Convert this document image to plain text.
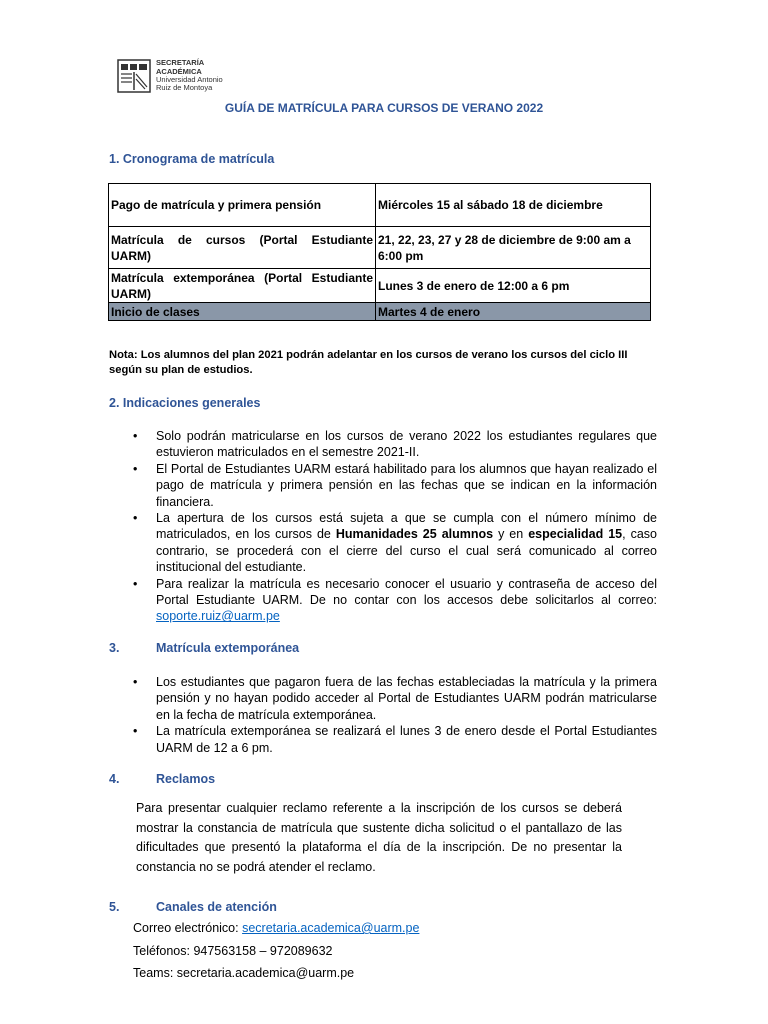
SECRETARÍA
ACADÉMICA
Universidad Antonio
Ruiz de Montoya
GUÍA DE MATRÍCULA PARA CURSOS DE VERANO 2022
1. Cronograma de matrícula
Pago de matrícula y primera pensión	Miércoles 15 al sábado 18 de diciembre
Matrícula de cursos (Portal Estudiante UARM)	21, 22, 23, 27 y 28 de diciembre de 9:00 am a 6:00 pm
Matrícula extemporánea (Portal Estudiante UARM)	Lunes 3 de enero de 12:00 a 6 pm
Inicio de clases	Martes 4 de enero
Nota: Los alumnos del plan 2021 podrán adelantar en los cursos de verano los cursos del ciclo III según su plan de estudios.
2. Indicaciones generales
• Solo podrán matricularse en los cursos de verano 2022 los estudiantes regulares que estuvieron matriculados en el semestre 2021-II.
• El Portal de Estudiantes UARM estará habilitado para los alumnos que hayan realizado el pago de matrícula y primera pensión en las fechas que se indican en la información financiera.
• La apertura de los cursos está sujeta a que se cumpla con el número mínimo de matriculados, en los cursos de Humanidades 25 alumnos y en especialidad 15, caso contrario, se procederá con el cierre del curso el cual será comunicado al correo institucional del estudiante.
• Para realizar la matrícula es necesario conocer el usuario y contraseña de acceso del Portal Estudiante UARM. De no contar con los accesos debe solicitarlos al correo: soporte.ruiz@uarm.pe
3.	Matrícula extemporánea
• Los estudiantes que pagaron fuera de las fechas estableciadas la matrícula y la primera pensión y no hayan podido acceder al Portal de Estudiantes UARM podrán matricularse en la fecha de matrícula extemporánea.
• La matrícula extemporánea se realizará el lunes 3 de enero desde el Portal Estudiantes UARM de 12 a 6 pm.
4.	Reclamos
Para presentar cualquier reclamo referente a la inscripción de los cursos se deberá mostrar la constancia de matrícula que sustente dicha solicitud o el pantallazo de las dificultades que presentó la plataforma el día de la inscripción. De no presentar la constancia no se podrá atender el reclamo.
5.	Canales de atención
Correo electrónico: secretaria.academica@uarm.pe
Teléfonos: 947563158 – 972089632
Teams: secretaria.academica@uarm.pe
